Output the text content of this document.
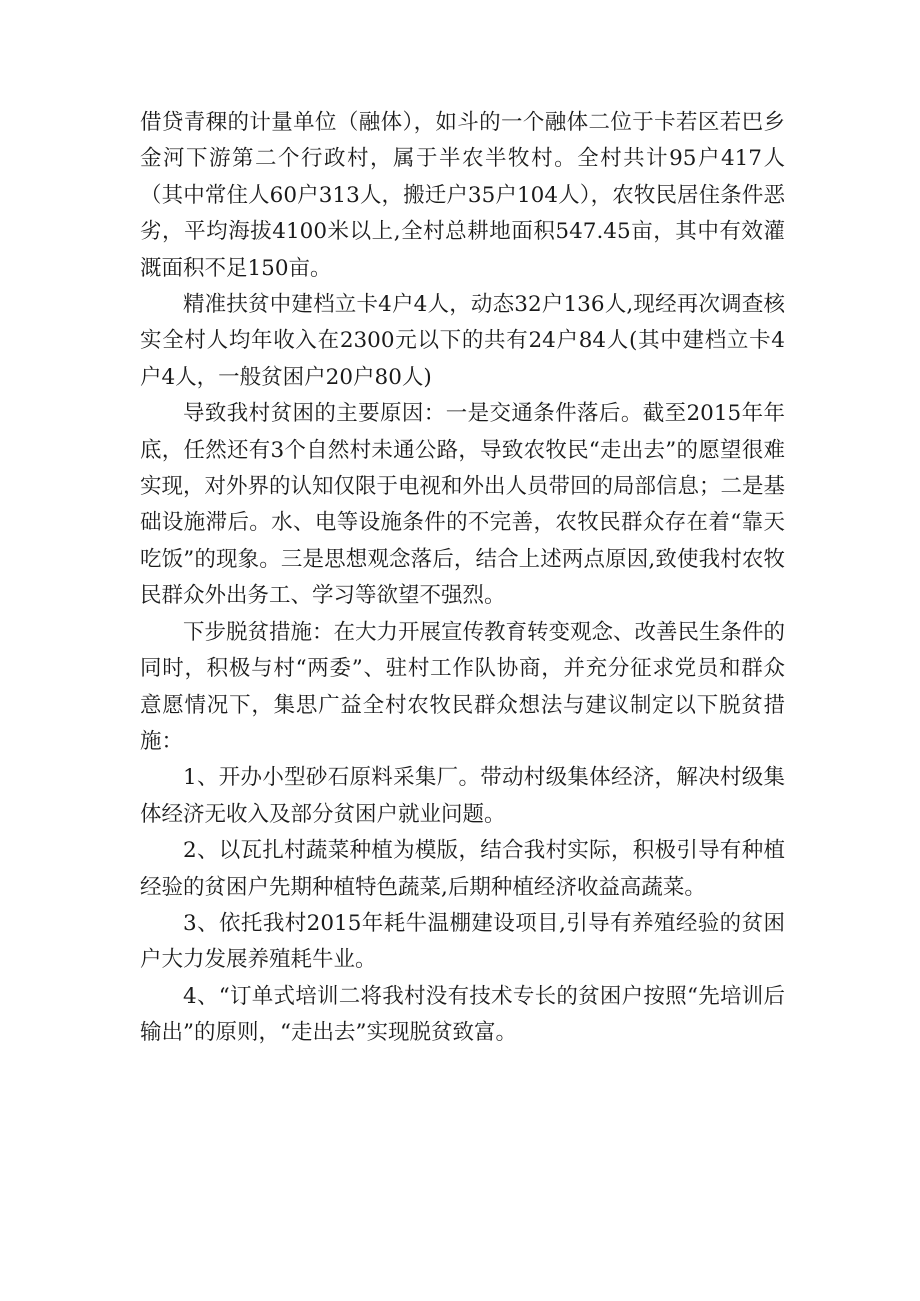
借贷青稞的计量单位（融体），如斗的一个融体二位于卡若区若巴乡金河下游第二个行政村，属于半农半牧村。全村共计95户417人（其中常住人60户313人，搬迁户35户104人），农牧民居住条件恶劣，平均海拔4100米以上,全村总耕地面积547.45亩，其中有效灌溉面积不足150亩。

精准扶贫中建档立卡4户4人，动态32户136人,现经再次调查核实全村人均年收入在2300元以下的共有24户84人(其中建档立卡4户4人，一般贫困户20户80人)

导致我村贫困的主要原因：一是交通条件落后。截至2015年年底，任然还有3个自然村未通公路，导致农牧民“走出去”的愿望很难实现，对外界的认知仅限于电视和外出人员带回的局部信息；二是基础设施滞后。水、电等设施条件的不完善，农牧民群众存在着“靠天吃饭”的现象。三是思想观念落后，结合上述两点原因,致使我村农牧民群众外出务工、学习等欲望不强烈。

下步脱贫措施：在大力开展宣传教育转变观念、改善民生条件的同时，积极与村“两委”、驻村工作队协商，并充分征求党员和群众意愿情况下，集思广益全村农牧民群众想法与建议制定以下脱贫措施：

1、开办小型砂石原料采集厂。带动村级集体经济，解决村级集体经济无收入及部分贫困户就业问题。

2、以瓦扎村蔬菜种植为模版，结合我村实际，积极引导有种植经验的贫困户先期种植特色蔬菜,后期种植经济收益高蔬菜。

3、依托我村2015年耗牛温棚建设项目,引导有养殖经验的贫困户大力发展养殖耗牛业。

4、“订单式培训二将我村没有技术专长的贫困户按照“先培训后输出”的原则，“走出去”实现脱贫致富。
